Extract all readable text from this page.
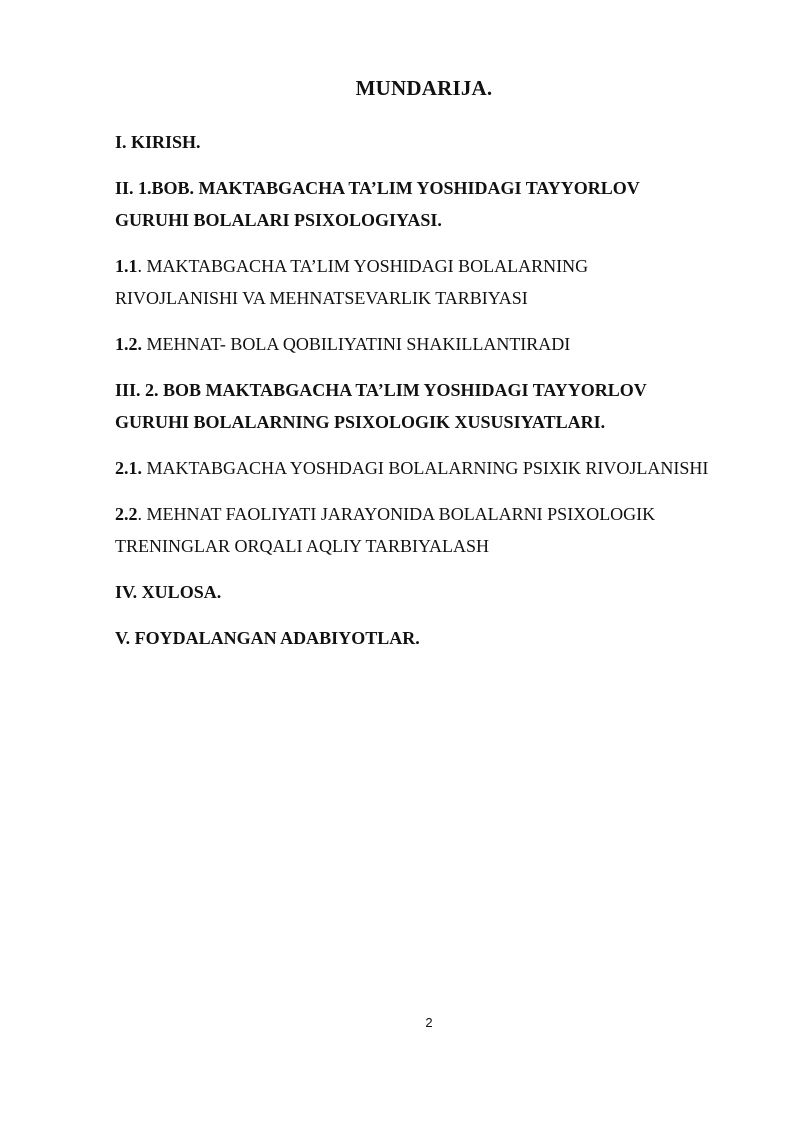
MUNDARIJA.
I. KIRISH.
II. 1.BOB. MAKTABGACHA TA’LIM YOSHIDAGI TAYYORLOV
GURUHI BOLALARI PSIXOLOGIYASI.
1.1. MAKTABGACHA TA’LIM YOSHIDAGI BOLALARNING
RIVOJLANISHI VA MEHNATSEVARLIK TARBIYASI
1.2. MEHNAT- BOLA QOBILIYATINI SHAKILLANTIRADI
III. 2. BOB MAKTABGACHA TA’LIM YOSHIDAGI TAYYORLOV
GURUHI BOLALARNING PSIXOLOGIK XUSUSIYATLARI.
2.1. MAKTABGACHA YOSHDAGI BOLALARNING PSIXIK RIVOJLANISHI
2.2. MEHNAT FAOLIYATI JARAYONIDA BOLALARNI PSIXOLOGIK
TRENINGLAR ORQALI AQLIY TARBIYALASH
IV. XULOSA.
V. FOYDALANGAN ADABIYOTLAR.
2
